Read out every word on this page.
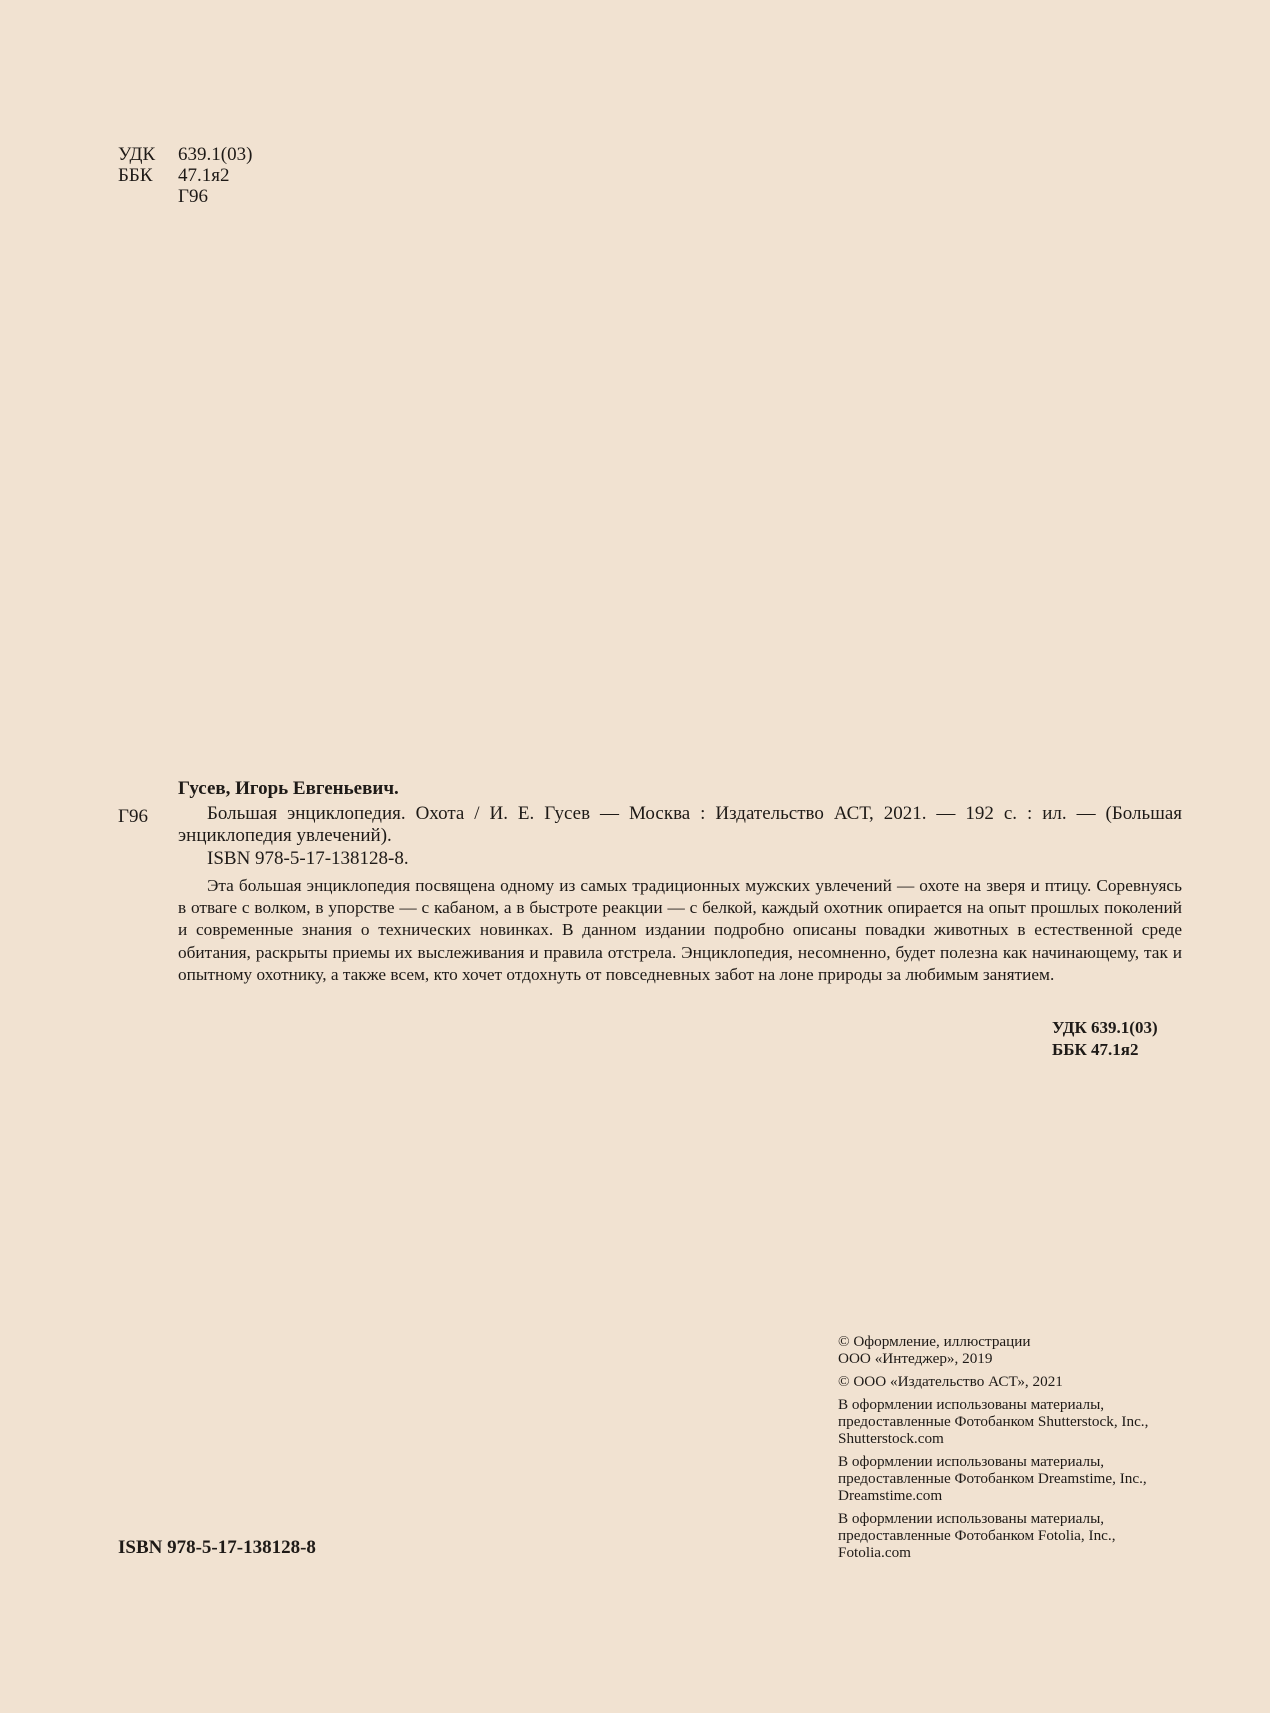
УДК 639.1(03)
ББК 47.1я2
Г96
Гусев, Игорь Евгеньевич.
Г96	Большая энциклопедия. Охота / И. Е. Гусев — Москва : Издательство АСТ, 2021. — 192 с. : ил. — (Большая энциклопедия увлечений).
ISBN 978-5-17-138128-8.

Эта большая энциклопедия посвящена одному из самых традиционных мужских увлечений — охоте на зверя и птицу. Соревнуясь в отваге с волком, в упорстве — с кабаном, а в быстроте реакции — с белкой, каждый охотник опирается на опыт прошлых поколений и современные знания о технических новинках. В данном издании подробно описаны повадки животных в естественной среде обитания, раскрыты приемы их выслеживания и правила отстрела. Энциклопедия, несомненно, будет полезна как начинающему, так и опытному охотнику, а также всем, кто хочет отдохнуть от повседневных забот на лоне природы за любимым занятием.

УДК 639.1(03)
ББК 47.1я2
ISBN 978-5-17-138128-8
© Оформление, иллюстрации
ООО «Интеджер», 2019
© ООО «Издательство АСТ», 2021
В оформлении использованы материалы,
предоставленные Фотобанком Shutterstock, Inc.,
Shutterstock.com
В оформлении использованы материалы,
предоставленные Фотобанком Dreamstime, Inc.,
Dreamstime.com
В оформлении использованы материалы,
предоставленные Фотобанком Fotolia, Inc.,
Fotolia.com
